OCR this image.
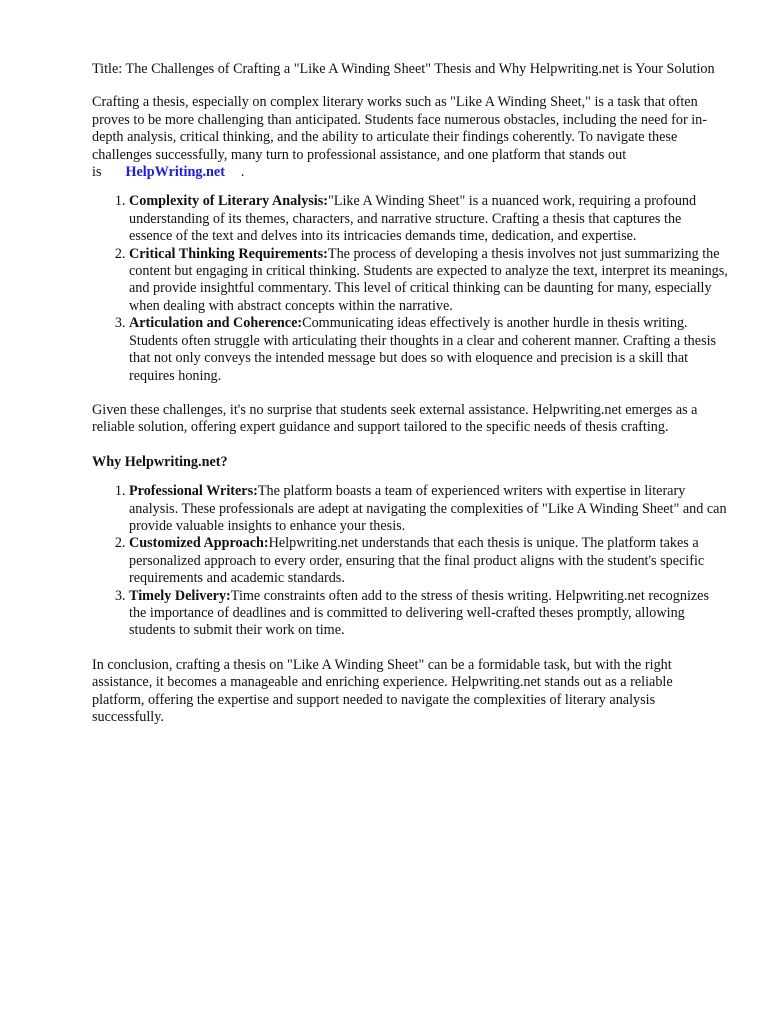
Title: The Challenges of Crafting a "Like A Winding Sheet" Thesis and Why Helpwriting.net is Your Solution

Crafting a thesis, especially on complex literary works such as "Like A Winding Sheet," is a task that often proves to be more challenging than anticipated. Students face numerous obstacles, including the need for in-depth analysis, critical thinking, and the ability to articulate their findings coherently. To navigate these challenges successfully, many turn to professional assistance, and one platform that stands out is HelpWriting.net .

1. Complexity of Literary Analysis:"Like A Winding Sheet" is a nuanced work, requiring a profound understanding of its themes, characters, and narrative structure. Crafting a thesis that captures the essence of the text and delves into its intricacies demands time, dedication, and expertise.
2. Critical Thinking Requirements:The process of developing a thesis involves not just summarizing the content but engaging in critical thinking. Students are expected to analyze the text, interpret its meanings, and provide insightful commentary. This level of critical thinking can be daunting for many, especially when dealing with abstract concepts within the narrative.
3. Articulation and Coherence:Communicating ideas effectively is another hurdle in thesis writing. Students often struggle with articulating their thoughts in a clear and coherent manner. Crafting a thesis that not only conveys the intended message but does so with eloquence and precision is a skill that requires honing.

Given these challenges, it's no surprise that students seek external assistance. Helpwriting.net emerges as a reliable solution, offering expert guidance and support tailored to the specific needs of thesis crafting.

Why Helpwriting.net?

1. Professional Writers:The platform boasts a team of experienced writers with expertise in literary analysis. These professionals are adept at navigating the complexities of "Like A Winding Sheet" and can provide valuable insights to enhance your thesis.
2. Customized Approach:Helpwriting.net understands that each thesis is unique. The platform takes a personalized approach to every order, ensuring that the final product aligns with the student's specific requirements and academic standards.
3. Timely Delivery:Time constraints often add to the stress of thesis writing. Helpwriting.net recognizes the importance of deadlines and is committed to delivering well-crafted theses promptly, allowing students to submit their work on time.

In conclusion, crafting a thesis on "Like A Winding Sheet" can be a formidable task, but with the right assistance, it becomes a manageable and enriching experience. Helpwriting.net stands out as a reliable platform, offering the expertise and support needed to navigate the complexities of literary analysis successfully.
